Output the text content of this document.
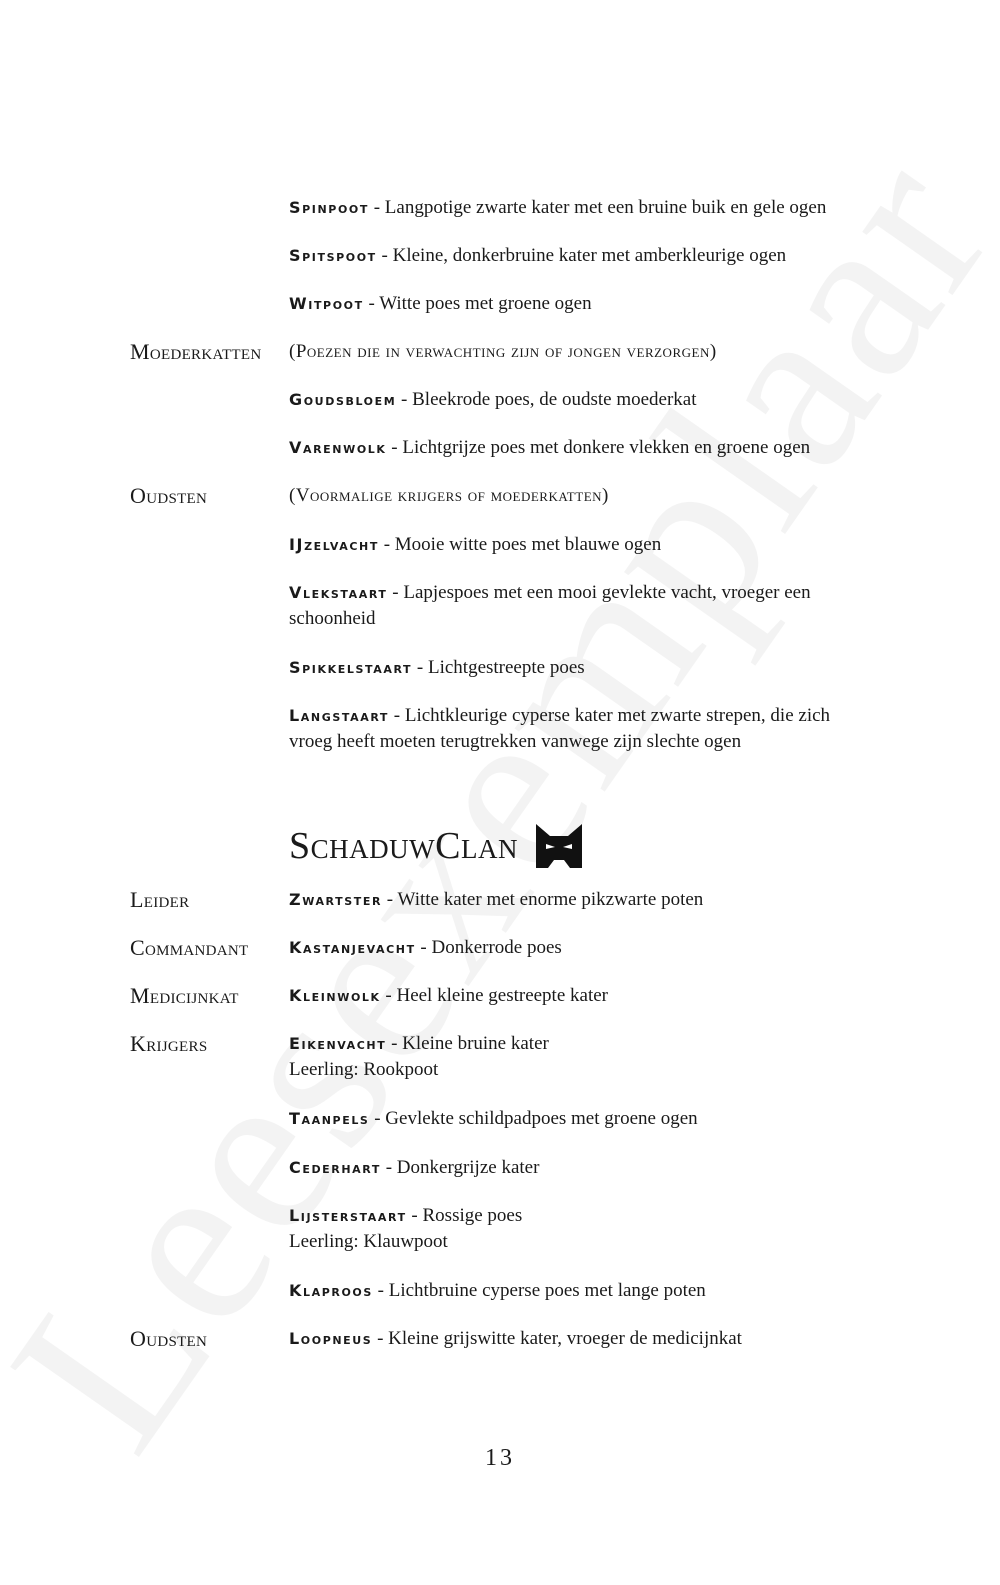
Spinpoot - Langpotige zwarte kater met een bruine buik en gele ogen
Spitspoot - Kleine, donkerbruine kater met amberkleurige ogen
Witpoot - Witte poes met groene ogen
Moederkatten (Poezen die in verwachting zijn of jongen verzorgen)
Goudsbloem - Bleekrode poes, de oudste moederkat
Varenwolk - Lichtgrijze poes met donkere vlekken en groene ogen
Oudsten	(Voormalige krijgers of moederkatten)
IJzelvacht - Mooie witte poes met blauwe ogen
Vlekstaart - Lapjespoes met een mooi gevlekte vacht, vroeger een schoonheid
Spikkelstaart - Lichtgestreepte poes
Langstaart - Lichtkleurige cyperse kater met zwarte strepen, die zich vroeg heeft moeten terugtrekken vanwege zijn slechte ogen
SchaduwClan
Leider	Zwartster - Witte kater met enorme pikzwarte poten
Commandant	Kastanjevacht - Donkerrode poes
Medicijnkat	Kleinwolk - Heel kleine gestreepte kater
Krijgers	Eikenvacht - Kleine bruine kater
Leerling: Rookpoot
Taanpels - Gevlekte schildpadpoes met groene ogen
Cederhart - Donkergrijze kater
Lijsterstaart - Rossige poes
Leerling: Klauwpoot
Klaproos - Lichtbruine cyperse poes met lange poten
Oudsten	Loopneus - Kleine grijswitte kater, vroeger de medicijnkat
13
